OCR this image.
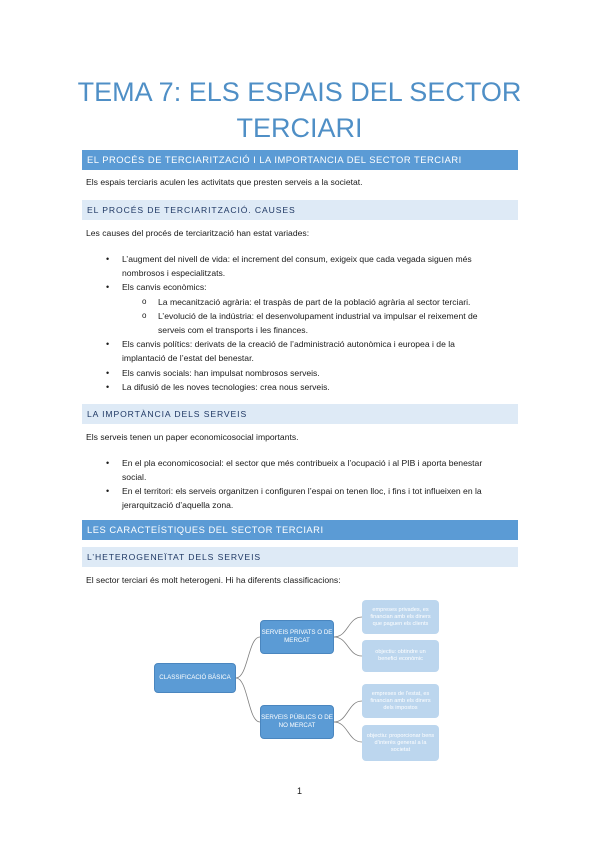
TEMA 7: ELS ESPAIS DEL SECTOR
TERCIARI
EL PROCÉS DE TERCIARITZACIÓ I LA IMPORTANCIA DEL SECTOR TERCIARI

Els espais terciaris aculen les activitats que presten serveis a la societat.

EL PROCÉS DE TERCIARITZACIÓ. CAUSES

Les causes del procés de terciarització han estat variades:

• L’augment del nivell de vida: el increment del consum, exigeix que cada vegada siguen més

nombrosos i especialitzats.

• Els canvis econòmics:

o La mecanització agrària: el traspàs de part de la població agrària al sector terciari.

o L’evolució de la indústria: el desenvolupament industrial va impulsar el reixement de

serveis com el transports i les finances.

• Els canvis polítics: derivats de la creació de l’administració autonòmica i europea i de la

implantació de l’estat del benestar.

• Els canvis socials: han impulsat nombrosos serveis.

• La difusió de les noves tecnologies: crea nous serveis.

LA IMPORTÀNCIA DELS SERVEIS

Els serveis tenen un paper economicosocial importants.

• En el pla economicosocial: el sector que més contribueix a l’ocupació i al PIB i aporta benestar

social.

• En el territori: els serveis organitzen i configuren l’espai on tenen lloc, i fins i tot influeixen en la

jerarquització d’aquella zona.

LES CARACTEÍSTIQUES DEL SECTOR TERCIARI
L’HETEROGENEÏTAT DELS SERVEIS

El sector terciari és molt heterogeni. Hi ha diferents classificacions:

CLASSIFICACIÓ BÀSICA
SERVEIS PRIVATS O DE MERCAT
SERVEIS PÚBLICS O DE NO MERCAT
empreses privades, es financian amb els diners que paguen els clients
objectiu: obtindre un benefici econòmic
empreses de l’estat, es financian amb els diners dels impostos
objectiu: proporcionar bens d’interès general a la societat
1
